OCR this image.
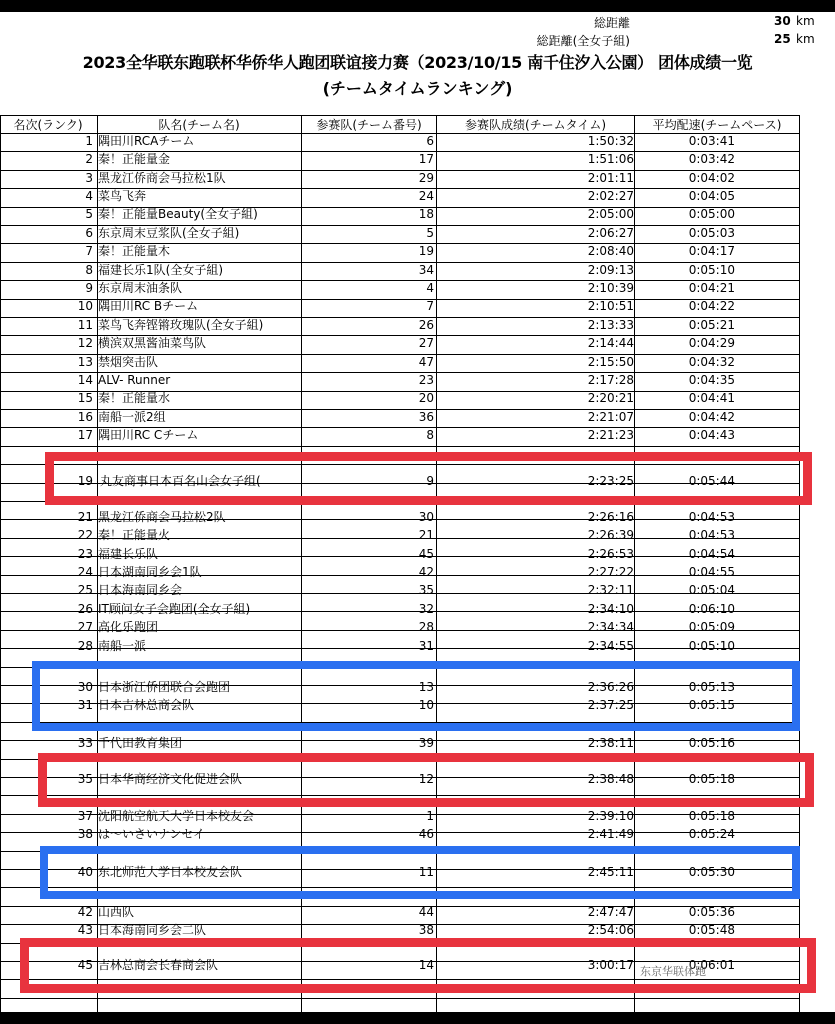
総距離	30 km
総距離(全女子組)	25 km
2023全华联东跑联杯华侨华人跑团联谊接力赛（2023/10/15 南千住汐入公園） 团体成绩一览
(チームタイムランキング)
名次(ランク)	队名(チーム名)	参赛队(チーム番号)	参赛队成绩(チームタイム)	平均配速(チームペース)
1 隅田川RCAチーム	6	1:50:32	0:03:41
2 秦！正能量金	17	1:51:06	0:03:42
3 黑龙江侨商会马拉松1队	29	2:01:11	0:04:02
4 菜鸟飞奔	24	2:02:27	0:04:05
5 秦！正能量Beauty(全女子組)	18	2:05:00	0:05:00
6 东京周末豆浆队(全女子組)	5	2:06:27	0:05:03
7 秦！正能量木	19	2:08:40	0:04:17
8 福建长乐1队(全女子組)	34	2:09:13	0:05:10
9 东京周末油条队	4	2:10:39	0:04:21
10 隅田川RC Bチーム	7	2:10:51	0:04:22
11 菜鸟飞奔铿锵玫瑰队(全女子組)	26	2:13:33	0:05:21
12 横滨双黑酱油菜鸟队	27	2:14:44	0:04:29
13 禁烟突击队	47	2:15:50	0:04:32
14 ALV- Runner	23	2:17:28	0:04:35
15 秦！正能量水	20	2:20:21	0:04:41
16 南船一派2组	36	2:21:07	0:04:42
17 隅田川RC Cチーム	8	2:21:23	0:04:43
19 丸友商事日本百名山会女子组(	9	2:23:25	0:05:44
21 黑龙江侨商会马拉松2队	30	2:26:16	0:04:53
22 秦！正能量火	21	2:26:39	0:04:53
23 福建长乐队	45	2:26:53	0:04:54
24 日本湖南同乡会1队	42	2:27:22	0:04:55
25 日本海南同乡会	35	2:32:11	0:05:04
26 IT顾问女子会跑团(全女子組)	32	2:34:10	0:06:10
27 高化乐跑团	28	2:34:34	0:05:09
28 南船一派	31	2:34:55	0:05:10
30 日本浙江侨团联合会跑团	13	2:36:26	0:05:13
31 日本吉林总商会队	10	2:37:25	0:05:15
33 千代田教育集团	39	2:38:11	0:05:16
35 日本华商经济文化促进会队	12	2:38:48	0:05:18
37 沈阳航空航天大学日本校友会	1	2:39:10	0:05:18
38 は～いさいナンセイ	46	2:41:49	0:05:24
40 东北师范大学日本校友会队	11	2:45:11	0:05:30
42 山西队	44	2:47:47	0:05:36
43 日本海南同乡会二队	38	2:54:06	0:05:48
45 吉林总商会长春商会队	14	3:00:17	0:06:01
东京华联体跑
